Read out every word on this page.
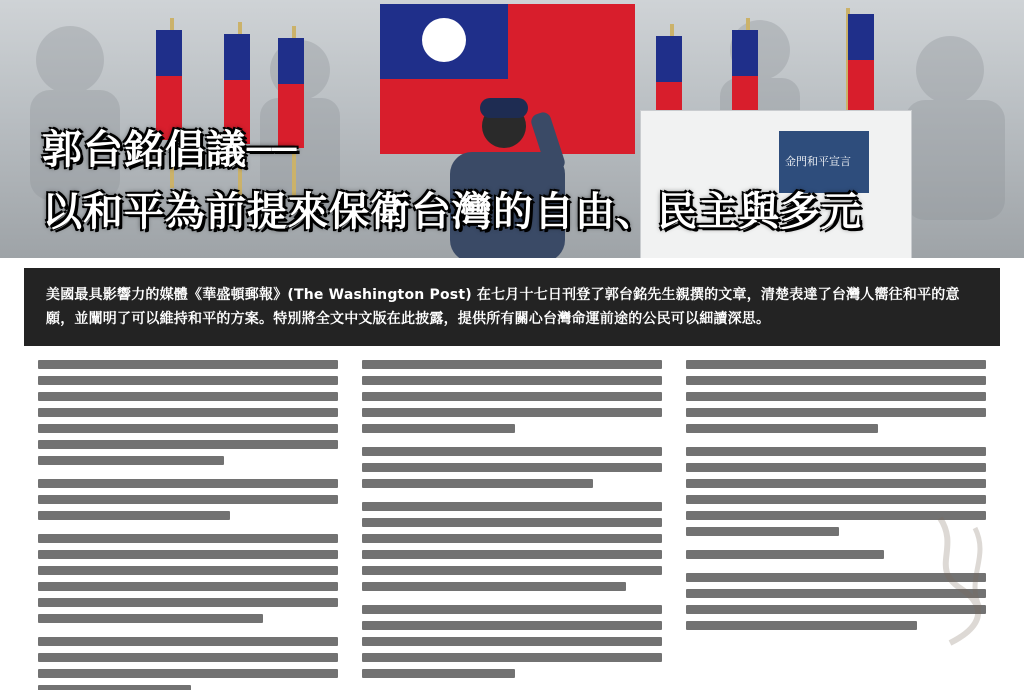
金門和平宣言
郭台銘倡議──
以和平為前提來保衛台灣的自由、民主與多元
美國最具影響力的媒體《華盛頓郵報》(The Washington Post) 在七月十七日刊登了郭台銘先生親撰的文章，清楚表達了台灣人嚮往和平的意願，並闡明了可以維持和平的方案。特別將全文中文版在此披露，提供所有關心台灣命運前途的公民可以細讀深思。
